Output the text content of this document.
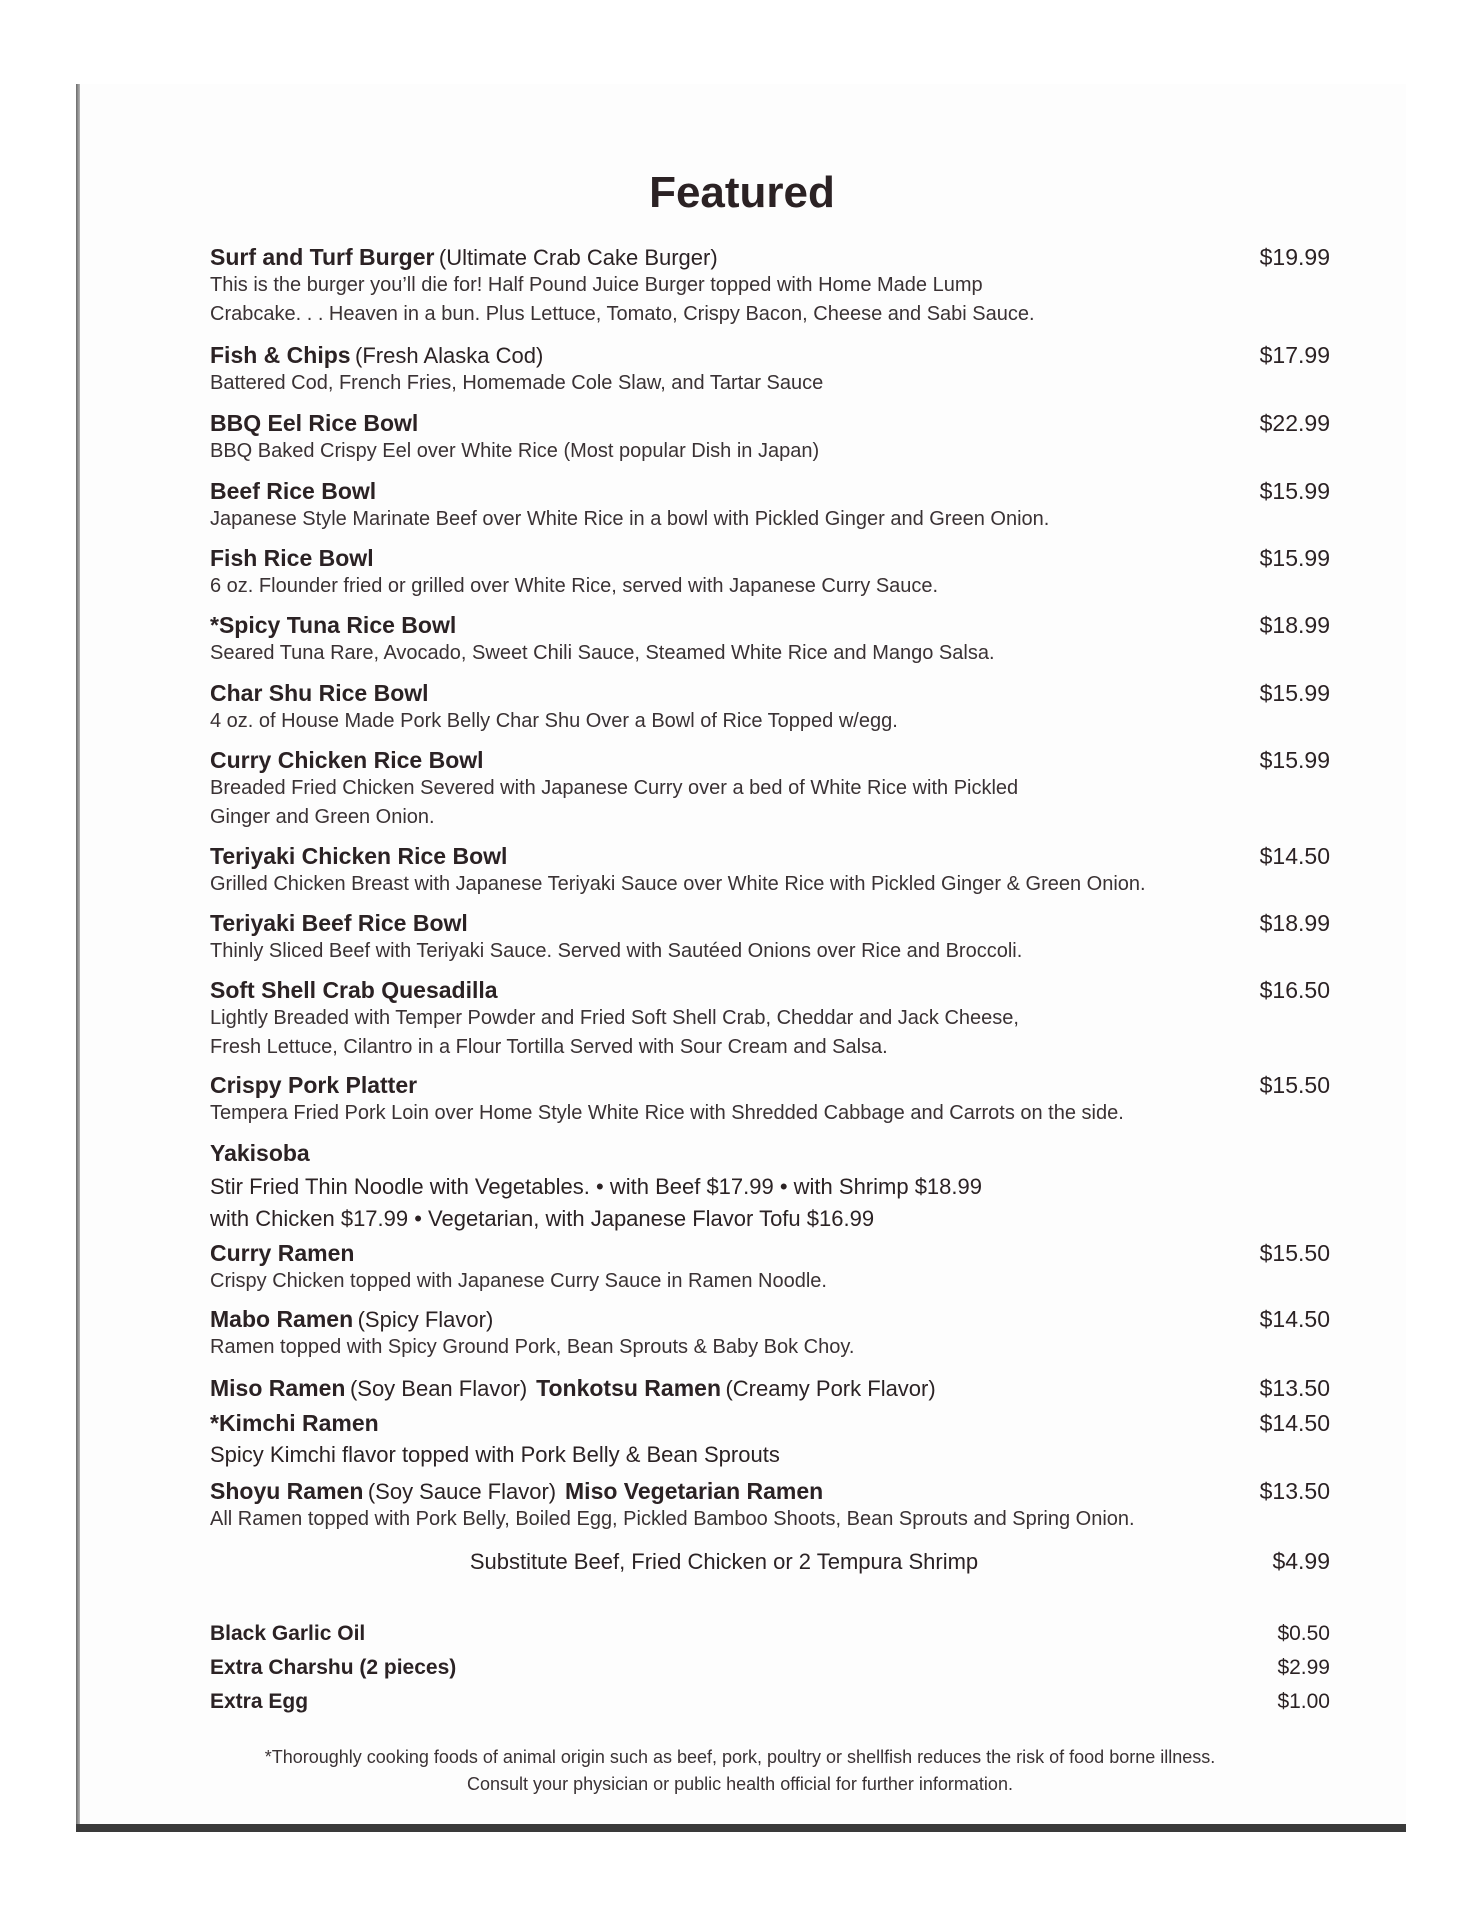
Featured
Surf and Turf Burger (Ultimate Crab Cake Burger)	$19.99
This is the burger you’ll die for! Half Pound Juice Burger topped with Home Made Lump
Crabcake. . . Heaven in a bun. Plus Lettuce, Tomato, Crispy Bacon, Cheese and Sabi Sauce.
Fish & Chips (Fresh Alaska Cod)	$17.99
Battered Cod, French Fries, Homemade Cole Slaw, and Tartar Sauce
BBQ Eel Rice Bowl	$22.99
BBQ Baked Crispy Eel over White Rice (Most popular Dish in Japan)
Beef Rice Bowl	$15.99
Japanese Style Marinate Beef over White Rice in a bowl with Pickled Ginger and Green Onion.
Fish Rice Bowl	$15.99
6 oz. Flounder fried or grilled over White Rice, served with Japanese Curry Sauce.
*Spicy Tuna Rice Bowl	$18.99
Seared Tuna Rare, Avocado, Sweet Chili Sauce, Steamed White Rice and Mango Salsa.
Char Shu Rice Bowl	$15.99
4 oz. of House Made Pork Belly Char Shu Over a Bowl of Rice Topped w/egg.
Curry Chicken Rice Bowl	$15.99
Breaded Fried Chicken Severed with Japanese Curry over a bed of White Rice with Pickled
Ginger and Green Onion.
Teriyaki Chicken Rice Bowl	$14.50
Grilled Chicken Breast with Japanese Teriyaki Sauce over White Rice with Pickled Ginger & Green Onion.
Teriyaki Beef Rice Bowl	$18.99
Thinly Sliced Beef with Teriyaki Sauce. Served with Sautéed Onions over Rice and Broccoli.
Soft Shell Crab Quesadilla	$16.50
Lightly Breaded with Temper Powder and Fried Soft Shell Crab, Cheddar and Jack Cheese,
Fresh Lettuce, Cilantro in a Flour Tortilla Served with Sour Cream and Salsa.
Crispy Pork Platter	$15.50
Tempera Fried Pork Loin over Home Style White Rice with Shredded Cabbage and Carrots on the side.
Yakisoba
Stir Fried Thin Noodle with Vegetables. • with Beef $17.99 • with Shrimp $18.99
with Chicken $17.99 • Vegetarian, with Japanese Flavor Tofu $16.99
Curry Ramen	$15.50
Crispy Chicken topped with Japanese Curry Sauce in Ramen Noodle.
Mabo Ramen (Spicy Flavor)	$14.50
Ramen topped with Spicy Ground Pork, Bean Sprouts & Baby Bok Choy.
Miso Ramen (Soy Bean Flavor) Tonkotsu Ramen (Creamy Pork Flavor)	$13.50
*Kimchi Ramen	$14.50
Spicy Kimchi flavor topped with Pork Belly & Bean Sprouts
Shoyu Ramen (Soy Sauce Flavor) Miso Vegetarian Ramen	$13.50
All Ramen topped with Pork Belly, Boiled Egg, Pickled Bamboo Shoots, Bean Sprouts and Spring Onion.
Substitute Beef, Fried Chicken or 2 Tempura Shrimp	$4.99
Black Garlic Oil	$0.50
Extra Charshu (2 pieces)	$2.99
Extra Egg	$1.00
*Thoroughly cooking foods of animal origin such as beef, pork, poultry or shellfish reduces the risk of food borne illness.
Consult your physician or public health official for further information.
